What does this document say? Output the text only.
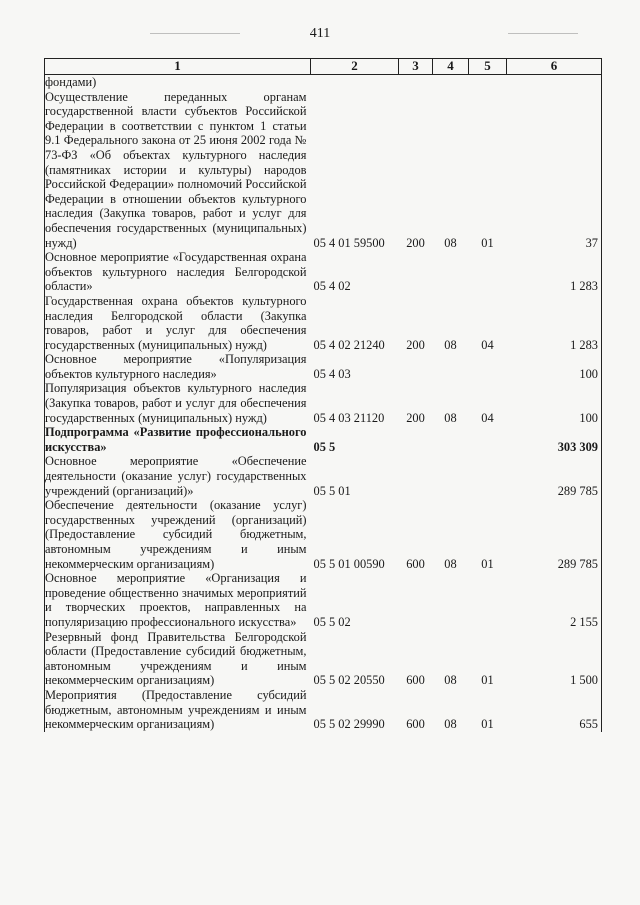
411
1	2	3	4	5	6
фондами)					
Осуществление переданных органам государственной власти субъектов Российской Федерации в соответствии с пунктом 1 статьи 9.1 Федерального закона от 25 июня 2002 года № 73-ФЗ «Об объектах культурного наследия (памятниках истории и культуры) народов Российской Федерации» полномочий Российской Федерации в отношении объектов культурного наследия (Закупка товаров, работ и услуг для обеспечения государственных (муниципальных) нужд)	05 4 01 59500	200	08	01	37
Основное мероприятие «Государственная охрана объектов культурного наследия Белгородской области»	05 4 02				1 283
Государственная охрана объектов культурного наследия Белгородской области (Закупка товаров, работ и услуг для обеспечения государственных (муниципальных) нужд)	05 4 02 21240	200	08	04	1 283
Основное мероприятие «Популяризация объектов культурного наследия»	05 4 03				100
Популяризация объектов культурного наследия (Закупка товаров, работ и услуг для обеспечения государственных (муниципальных) нужд)	05 4 03 21120	200	08	04	100
Подпрограмма «Развитие профессионального искусства»	05 5				303 309
Основное мероприятие «Обеспечение деятельности (оказание услуг) государственных учреждений (организаций)»	05 5 01				289 785
Обеспечение деятельности (оказание услуг) государственных учреждений (организаций) (Предоставление субсидий бюджетным, автономным учреждениям и иным некоммерческим организациям)	05 5 01 00590	600	08	01	289 785
Основное мероприятие «Организация и проведение общественно значимых мероприятий и творческих проектов, направленных на популяризацию профессионального искусства»	05 5 02				2 155
Резервный фонд Правительства Белгородской области (Предоставление субсидий бюджетным, автономным учреждениям и иным некоммерческим организациям)	05 5 02 20550	600	08	01	1 500
Мероприятия (Предоставление субсидий бюджетным, автономным учреждениям и иным некоммерческим организациям)	05 5 02 29990	600	08	01	655
